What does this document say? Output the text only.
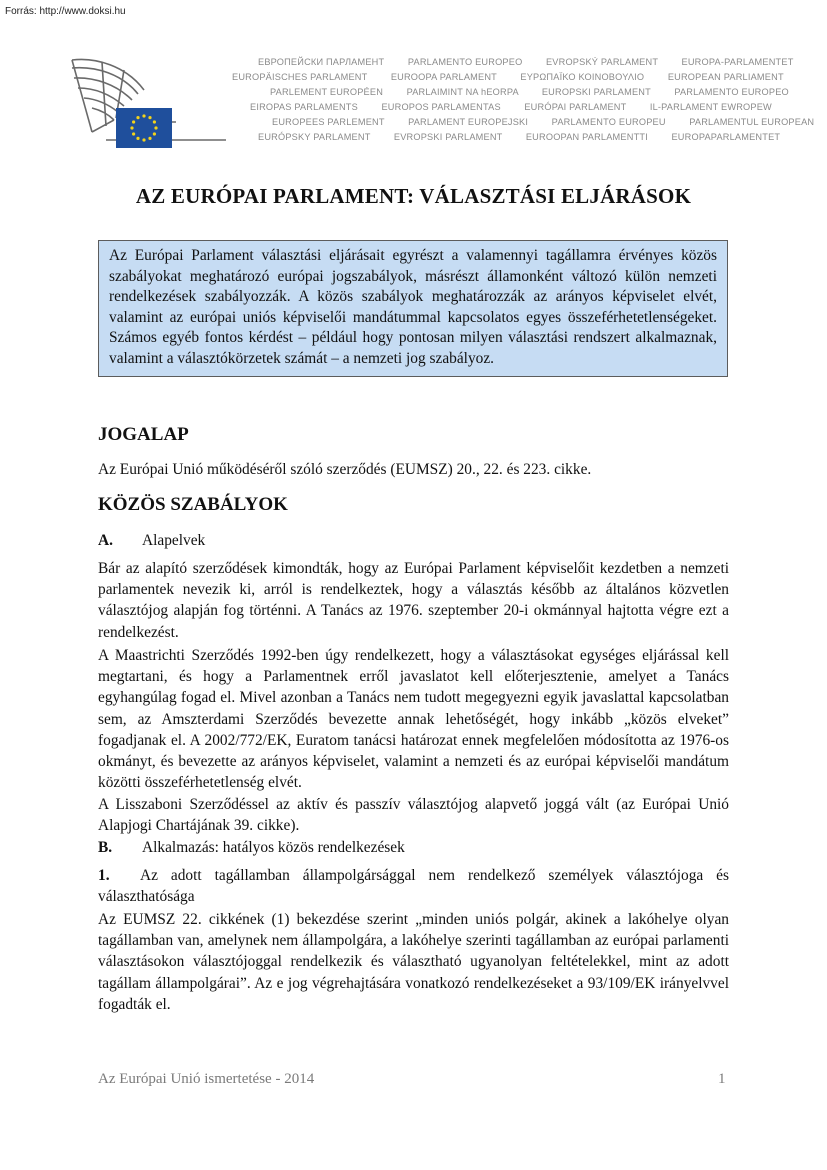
Forrás: http://www.doksi.hu
ЕВРОПЕЙСКИ ПАРЛАМЕНТ	PARLAMENTO EUROPEO	EVROPSKÝ PARLAMENT	EUROPA-PARLAMENTET
EUROPÄISCHES PARLAMENT	EUROOPA PARLAMENT	ΕΥΡΩΠΑΪΚΟ ΚΟΙΝΟΒΟΥΛΙΟ	EUROPEAN PARLIAMENT
PARLEMENT EUROPÉEN	PARLAIMINT NA hEORPA	EUROPSKI PARLAMENT	PARLAMENTO EUROPEO
EIROPAS PARLAMENTS	EUROPOS PARLAMENTAS	EURÓPAI PARLAMENT	IL-PARLAMENT EWROPEW
EUROPEES PARLEMENT	PARLAMENT EUROPEJSKI	PARLAMENTO EUROPEU	PARLAMENTUL EUROPEAN
EURÓPSKY PARLAMENT	EVROPSKI PARLAMENT	EUROOPAN PARLAMENTTI	EUROPAPARLAMENTET
AZ EURÓPAI PARLAMENT: VÁLASZTÁSI ELJÁRÁSOK
Az Európai Parlament választási eljárásait egyrészt a valamennyi tagállamra érvényes közös szabályokat meghatározó európai jogszabályok, másrészt államonként változó külön nemzeti rendelkezések szabályozzák. A közös szabályok meghatározzák az arányos képviselet elvét, valamint az európai uniós képviselői mandátummal kapcsolatos egyes összeférhetetlenségeket. Számos egyéb fontos kérdést – például hogy pontosan milyen választási rendszert alkalmaznak, valamint a választókörzetek számát – a nemzeti jog szabályoz.
JOGALAP

Az Európai Unió működéséről szóló szerződés (EUMSZ) 20., 22. és 223. cikke.

KÖZÖS SZABÁLYOK

A. Alapelvek

Bár az alapító szerződések kimondták, hogy az Európai Parlament képviselőit kezdetben a nemzeti parlamentek nevezik ki, arról is rendelkeztek, hogy a választás később az általános közvetlen választójog alapján fog történni. A Tanács az 1976. szeptember 20-i okmánnyal hajtotta végre ezt a rendelkezést.

A Maastrichti Szerződés 1992-ben úgy rendelkezett, hogy a választásokat egységes eljárással kell megtartani, és hogy a Parlamentnek erről javaslatot kell előterjesztenie, amelyet a Tanács egyhangúlag fogad el. Mivel azonban a Tanács nem tudott megegyezni egyik javaslattal kapcsolatban sem, az Amszterdami Szerződés bevezette annak lehetőségét, hogy inkább „közös elveket” fogadjanak el. A 2002/772/EK, Euratom tanácsi határozat ennek megfelelően módosította az 1976-os okmányt, és bevezette az arányos képviselet, valamint a nemzeti és az európai képviselői mandátum közötti összeférhetetlenség elvét.

A Lisszaboni Szerződéssel az aktív és passzív választójog alapvető joggá vált (az Európai Unió Alapjogi Chartájának 39. cikke).

B. Alkalmazás: hatályos közös rendelkezések

1. Az adott tagállamban állampolgársággal nem rendelkező személyek választójoga és választhatósága

Az EUMSZ 22. cikkének (1) bekezdése szerint „minden uniós polgár, akinek a lakóhelye olyan tagállamban van, amelynek nem állampolgára, a lakóhelye szerinti tagállamban az európai parlamenti választásokon választójoggal rendelkezik és választható ugyanolyan feltételekkel, mint az adott tagállam állampolgárai”. Az e jog végrehajtására vonatkozó rendelkezéseket a 93/109/EK irányelvvel fogadták el.

Az Európai Unió ismertetése - 2014	1
